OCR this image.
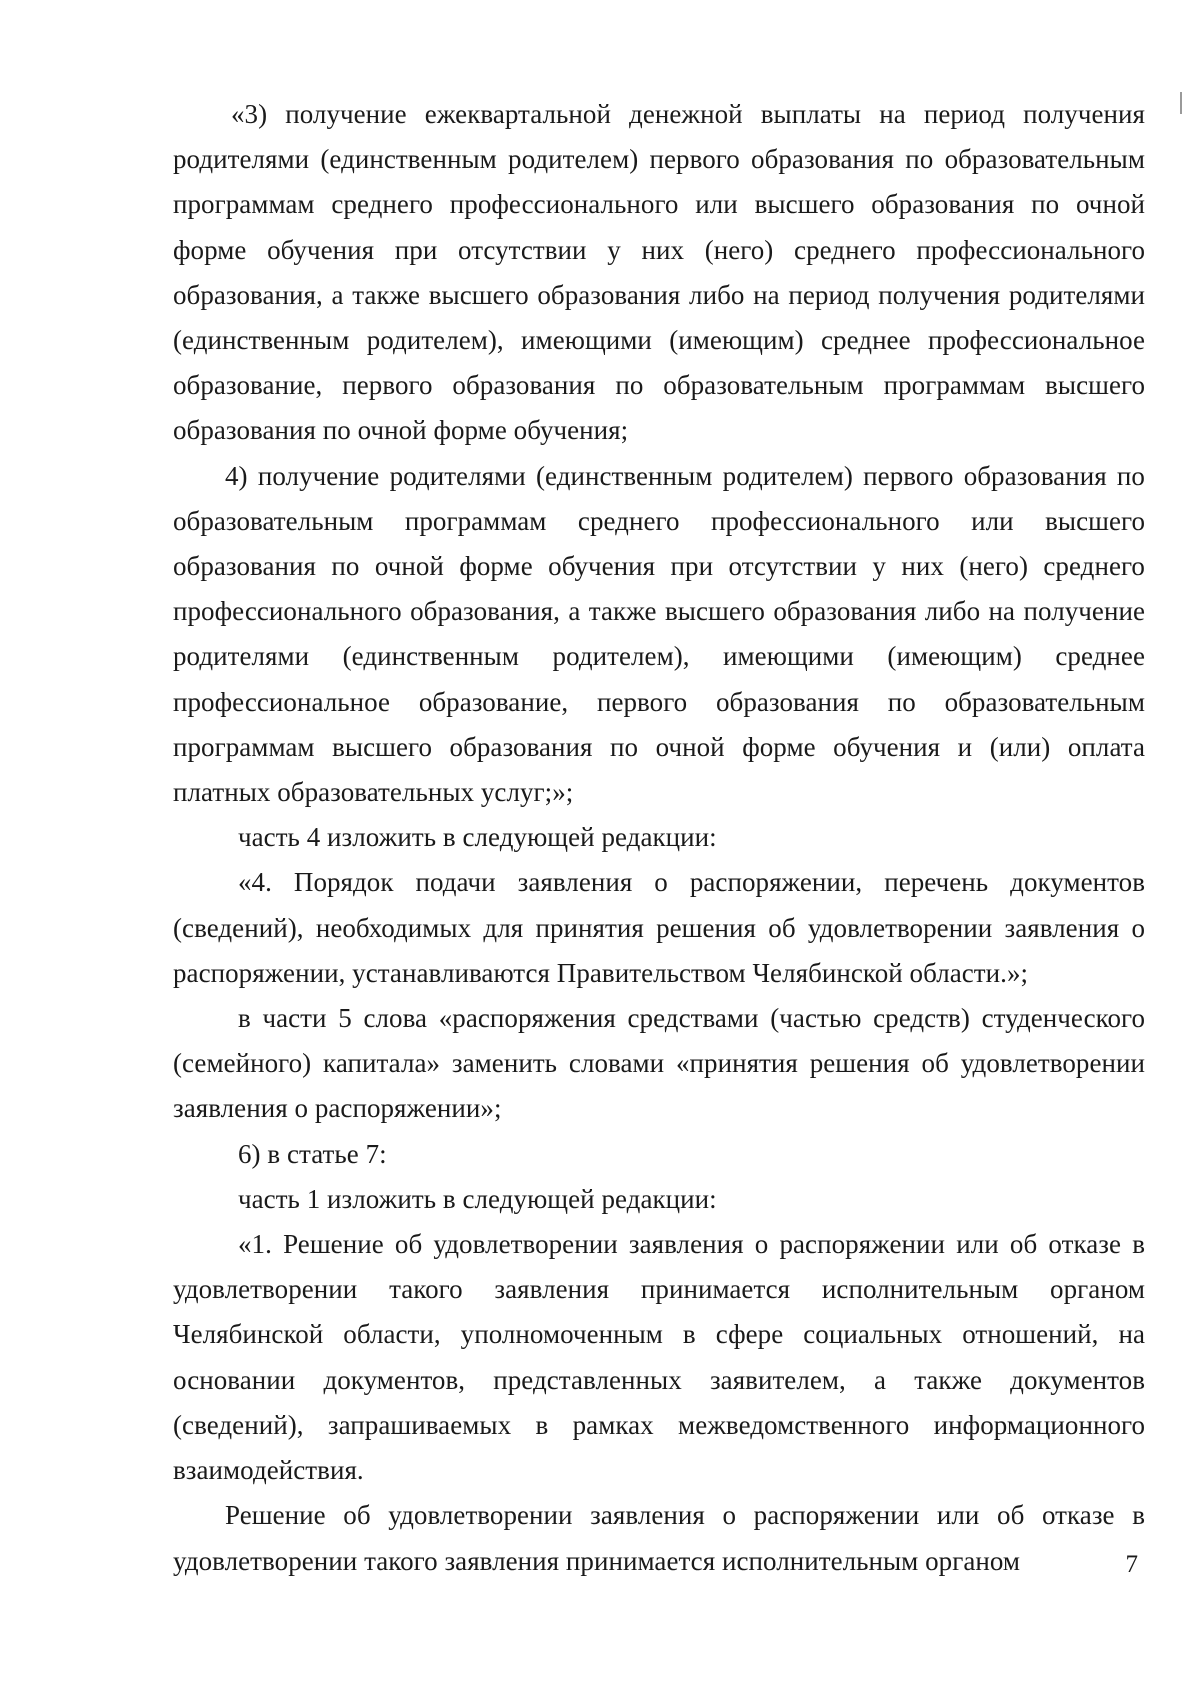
«3) получение ежеквартальной денежной выплаты на период получения родителями (единственным родителем) первого образования по образовательным программам среднего профессионального или высшего образования по очной форме обучения при отсутствии у них (него) среднего профессионального образования, а также высшего образования либо на период получения родителями (единственным родителем), имеющими (имеющим) среднее профессиональное образование, первого образования по образовательным программам высшего образования по очной форме обучения;

4) получение родителями (единственным родителем) первого образования по образовательным программам среднего профессионального или высшего образования по очной форме обучения при отсутствии у них (него) среднего профессионального образования, а также высшего образования либо на получение родителями (единственным родителем), имеющими (имеющим) среднее профессиональное образование, первого образования по образовательным программам высшего образования по очной форме обучения и (или) оплата платных образовательных услуг;»;

часть 4 изложить в следующей редакции:

«4. Порядок подачи заявления о распоряжении, перечень документов (сведений), необходимых для принятия решения об удовлетворении заявления о распоряжении, устанавливаются Правительством Челябинской области.»;

в части 5 слова «распоряжения средствами (частью средств) студенческого (семейного) капитала» заменить словами «принятия решения об удовлетворении заявления о распоряжении»;

6) в статье 7:

часть 1 изложить в следующей редакции:

«1. Решение об удовлетворении заявления о распоряжении или об отказе в удовлетворении такого заявления принимается исполнительным органом Челябинской области, уполномоченным в сфере социальных отношений, на основании документов, представленных заявителем, а также документов (сведений), запрашиваемых в рамках межведомственного информационного взаимодействия.

Решение об удовлетворении заявления о распоряжении или об отказе в удовлетворении такого заявления принимается исполнительным органом	7
